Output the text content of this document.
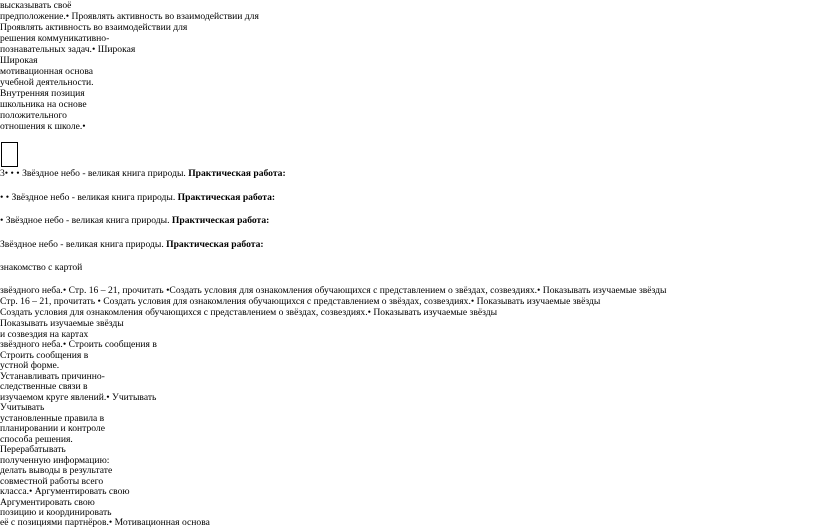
высказывать своё
предположение.• Проявлять активность во взаимодействии для
Проявлять активность во взаимодействии для
решения коммуникативно-
познавательных задач.• Широкая
Широкая
мотивационная основа
учебной деятельности.
Внутренняя позиция
школьника на основе
положительного
отношения к школе.•
3• • • Звёздное небо - великая книга природы. Практическая работа:
• • Звёздное небо - великая книга природы. Практическая работа:
• Звёздное небо - великая книга природы. Практическая работа:
Звёздное небо - великая книга природы. Практическая работа:
знакомство с картой
звёздного неба.• Стр. 16 – 21, прочитать •Создать условия для ознакомления обучающихся с представлением о звёздах, созвездиях.• Показывать изучаемые звёзды
Стр. 16 – 21, прочитать • Создать условия для ознакомления обучающихся с представлением о звёздах, созвездиях.• Показывать изучаемые звёзды
Создать условия для ознакомления обучающихся с представлением о звёздах, созвездиях.• Показывать изучаемые звёзды
Показывать изучаемые звёзды
и созвездия на картах
звёздного неба.• Строить сообщения в
Строить сообщения в
устной форме.
Устанавливать причинно-
следственные связи в
изучаемом круге явлений.• Учитывать
Учитывать
установленные правила в
планировании и контроле
способа решения.
Перерабатывать
полученную информацию:
делать выводы в результате
совместной работы всего
класса.• Аргументировать свою
Аргументировать свою
позицию и координировать
её с позициями партнёров.• Мотивационная основа
